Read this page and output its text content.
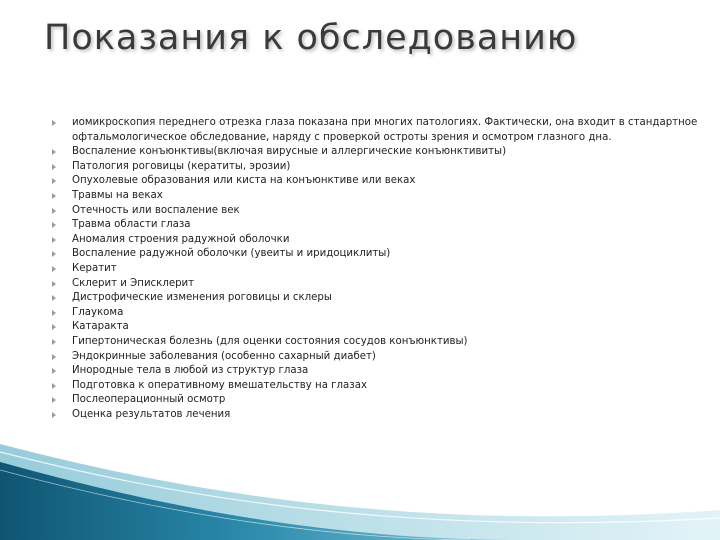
Показания к обследованию
иомикроскопия переднего отрезка глаза показана при многих патологиях. Фактически, она входит в стандартное офтальмологическое обследование, наряду с проверкой остроты зрения и осмотром глазного дна.
Воспаление конъюнктивы(включая вирусные и аллергические конъюнктивиты)
Патология роговицы (кератиты, эрозии)
Опухолевые образования или киста на конъюнктиве или веках
Травмы на веках
Отечность или воспаление век
Травма области глаза
Аномалия строения радужной оболочки
Воспаление радужной оболочки (увеиты и иридоциклиты)
Кератит
Склерит и Эписклерит
Дистрофические изменения роговицы и склеры
Глаукома
Катаракта
Гипертоническая болезнь (для оценки состояния сосудов конъюнктивы)
Эндокринные заболевания (особенно сахарный диабет)
Инородные тела в любой из структур глаза
Подготовка к оперативному вмешательству на глазах
Послеоперационный осмотр
Оценка результатов лечения
